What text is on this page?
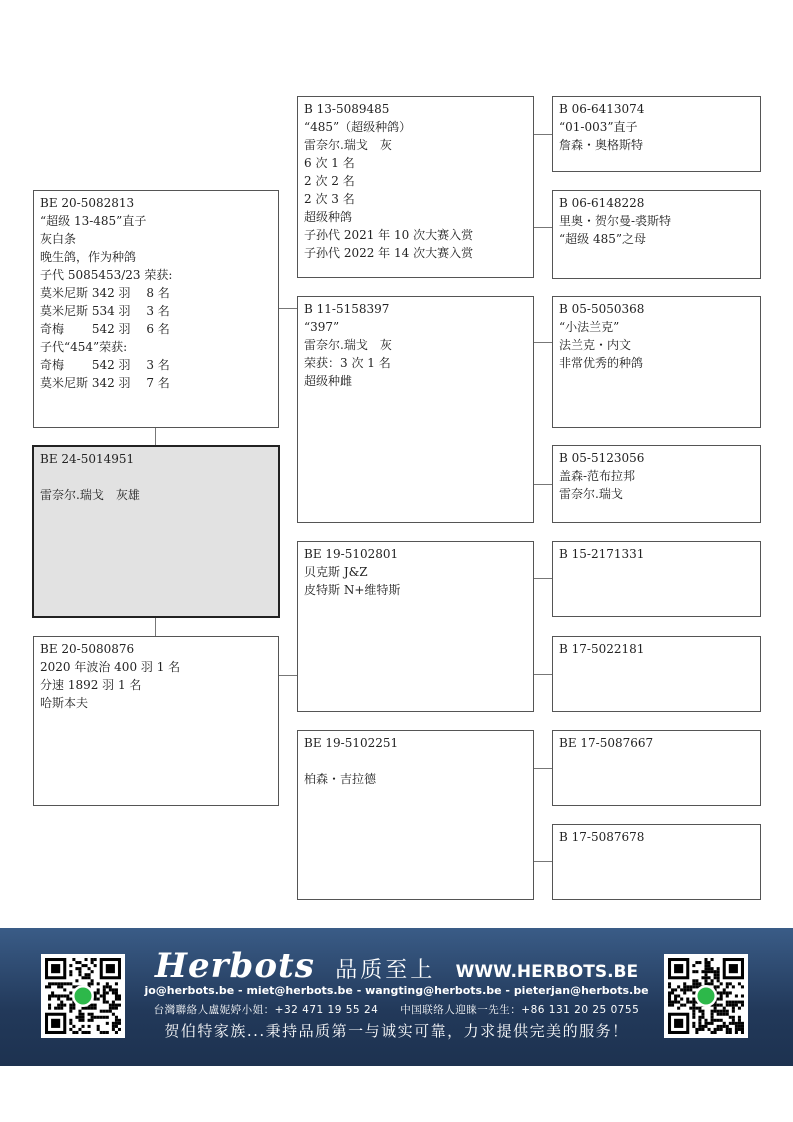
BE 20-5082813
“超级 13-485”直子
灰白条
晚生鸽，作为种鸽
子代 5085453/23 荣获:
莫米尼斯 342 羽　 8 名
莫米尼斯 534 羽　 3 名
奇梅　　 542 羽　 6 名
子代“454”荣获:
奇梅　　 542 羽　 3 名
莫米尼斯 342 羽　 7 名
BE 24-5014951

雷奈尔.瑞戈　灰雄
BE 20-5080876
2020 年波治 400 羽 1 名
分速 1892 羽 1 名
哈斯本夫
B 13-5089485
“485”（超级种鸽）
雷奈尔.瑞戈　灰
6 次 1 名
2 次 2 名
2 次 3 名
超级种鸽
子孙代 2021 年 10 次大赛入赏
子孙代 2022 年 14 次大赛入赏
B 11-5158397
“397”
雷奈尔.瑞戈　灰
荣获：3 次 1 名
超级种雌
BE 19-5102801
贝克斯 J&Z
皮特斯 N+维特斯
BE 19-5102251

柏森・吉拉德
B 06-6413074
“01-003”直子
詹森・奥格斯特
B 06-6148228
里奥・贺尔曼-裘斯特
“超级 485”之母
B 05-5050368
“小法兰克”
法兰克・内文
非常优秀的种鸽
B 05-5123056
盖森-范布拉邦
雷奈尔.瑞戈
B 15-2171331
B 17-5022181
BE 17-5087667
B 17-5087678
Herbots 品质至上 WWW.HERBOTS.BE
jo@herbots.be - miet@herbots.be - wangting@herbots.be - pieterjan@herbots.be
台灣聯絡人盧妮婷小姐：+32 471 19 55 24　　中国联络人迎睐一先生：+86 131 20 25 0755
贺伯特家族...秉持品质第一与诚实可靠，力求提供完美的服务！
